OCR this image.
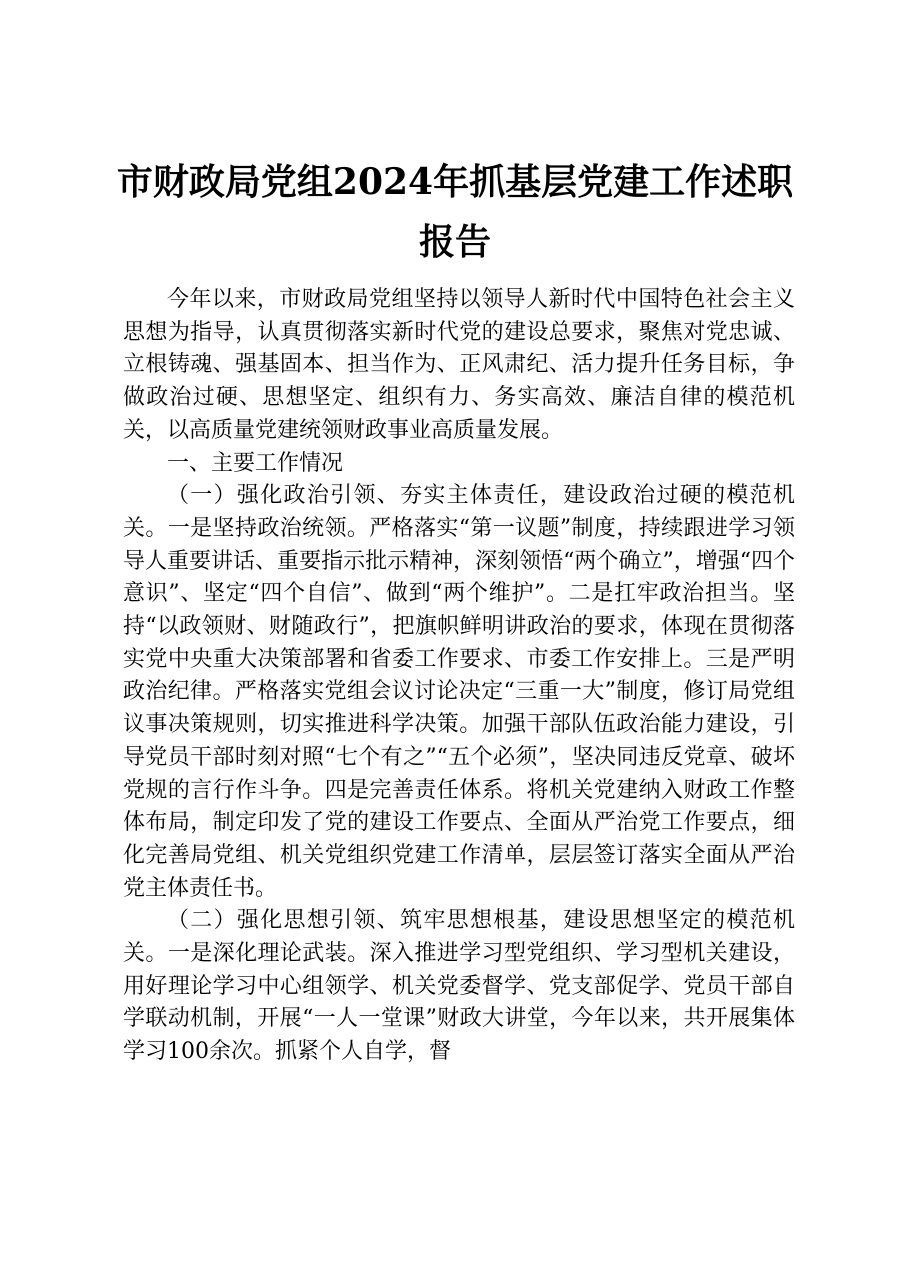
市财政局党组2024年抓基层党建工作述职报告

今年以来，市财政局党组坚持以领导人新时代中国特色社会主义思想为指导，认真贯彻落实新时代党的建设总要求，聚焦对党忠诚、立根铸魂、强基固本、担当作为、正风肃纪、活力提升任务目标，争做政治过硬、思想坚定、组织有力、务实高效、廉洁自律的模范机关，以高质量党建统领财政事业高质量发展。

一、主要工作情况

（一）强化政治引领、夯实主体责任，建设政治过硬的模范机关。一是坚持政治统领。严格落实“第一议题”制度，持续跟进学习领导人重要讲话、重要指示批示精神，深刻领悟“两个确立”，增强“四个意识”、坚定“四个自信”、做到“两个维护”。二是扛牢政治担当。坚持“以政领财、财随政行”，把旗帜鲜明讲政治的要求，体现在贯彻落实党中央重大决策部署和省委工作要求、市委工作安排上。三是严明政治纪律。严格落实党组会议讨论决定“三重一大”制度，修订局党组议事决策规则，切实推进科学决策。加强干部队伍政治能力建设，引导党员干部时刻对照“七个有之”“五个必须”，坚决同违反党章、破坏党规的言行作斗争。四是完善责任体系。将机关党建纳入财政工作整体布局，制定印发了党的建设工作要点、全面从严治党工作要点，细化完善局党组、机关党组织党建工作清单，层层签订落实全面从严治党主体责任书。

（二）强化思想引领、筑牢思想根基，建设思想坚定的模范机关。一是深化理论武装。深入推进学习型党组织、学习型机关建设，用好理论学习中心组领学、机关党委督学、党支部促学、党员干部自学联动机制，开展“一人一堂课”财政大讲堂，今年以来，共开展集体学习100余次。抓紧个人自学，督
